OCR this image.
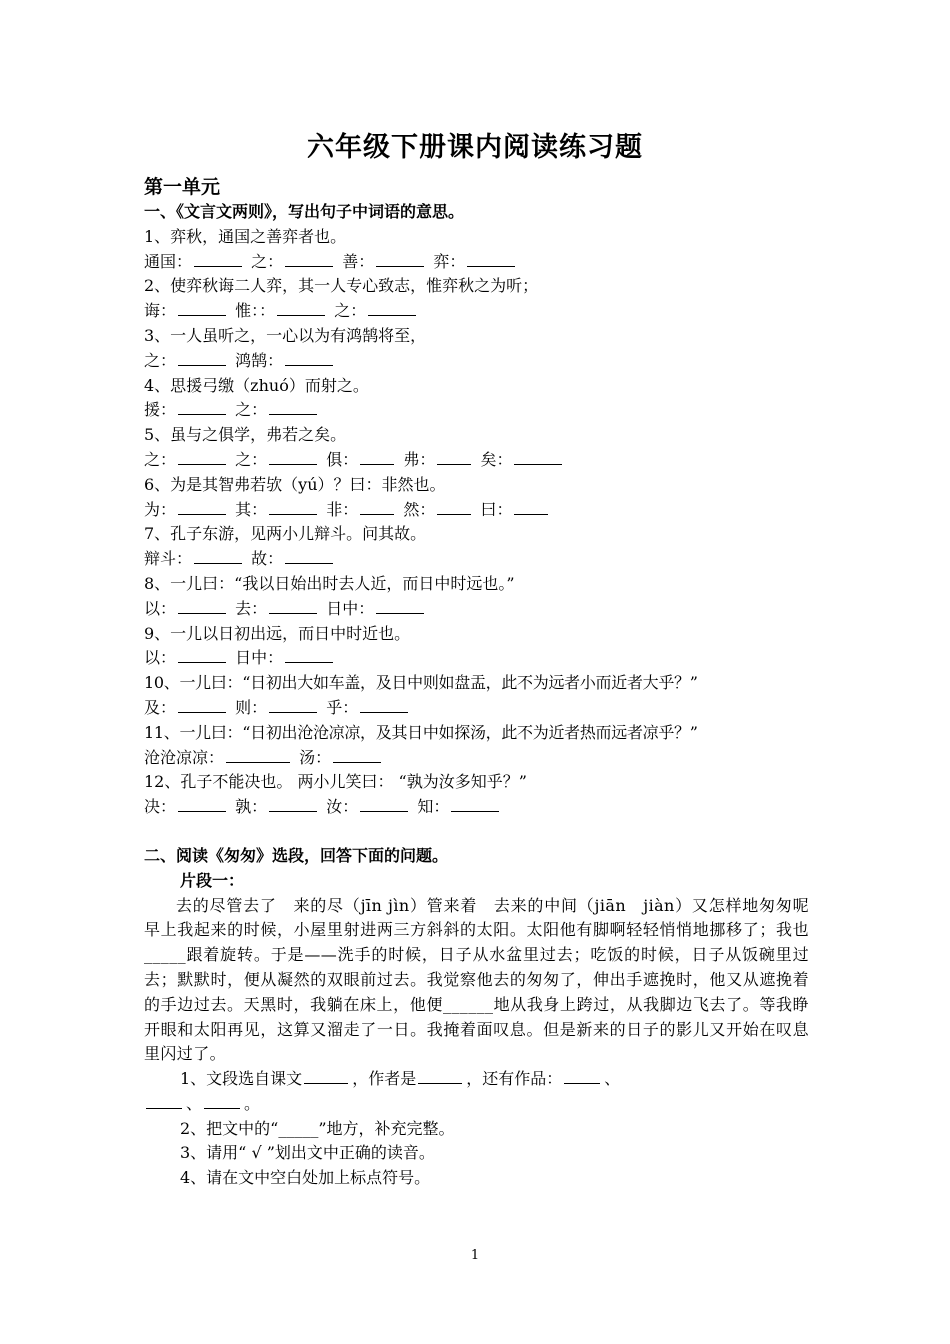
六年级下册课内阅读练习题
第一单元
一、《文言文两则》，写出句子中词语的意思。
1、弈秋，通国之善弈者也。
通国：	之：	善：	弈：
2、使弈秋诲二人弈，其一人专心致志，惟弈秋之为听；
诲：	惟：：	之：
3、一人虽听之，一心以为有鸿鹄将至，
之：	鸿鹄：
4、思援弓缴（zhuó）而射之。
援：	之：
5、虽与之俱学，弗若之矣。
之：	之：	俱：	弗：	矣：
6、为是其智弗若欤（yú）？曰：非然也。
为：	其：	非：	然：	曰：
7、孔子东游，见两小儿辩斗。问其故。
辩斗：	故：
8、一儿曰：“我以日始出时去人近，而日中时远也。”
以：	去：	日中：
9、一儿以日初出远，而日中时近也。
以：	日中：
10、一儿曰：“日初出大如车盖，及日中则如盘盂，此不为远者小而近者大乎？”
及：	则：	乎：
11、一儿曰：“日初出沧沧凉凉，及其日中如探汤，此不为近者热而远者凉乎？”
沧沧凉凉：	汤：
12、孔子不能决也。 两小儿笑曰： “孰为汝多知乎？”
决：	孰：	汝：	知：
二、阅读《匆匆》选段，回答下面的问题。
片段一：
去的尽管去了　来的尽（jīn jìn）管来着　去来的中间（jiān　jiàn）又怎样地匆匆呢　早上我起来的时候，小屋里射进两三方斜斜的太阳。太阳他有脚啊轻轻悄悄地挪移了；我也_____跟着旋转。于是——洗手的时候，日子从水盆里过去；吃饭的时候，日子从饭碗里过去；默默时，便从凝然的双眼前过去。我觉察他去的匆匆了，伸出手遮挽时，他又从遮挽着的手边过去。天黑时，我躺在床上，他便______地从我身上跨过，从我脚边飞去了。等我睁开眼和太阳再见，这算又溜走了一日。我掩着面叹息。但是新来的日子的影儿又开始在叹息里闪过了。
1、文段选自课文	，作者是	，还有作品：	、
、	。
2、把文中的“_____”地方，补充完整。
3、请用“ √ ”划出文中正确的读音。
4、请在文中空白处加上标点符号。
1
